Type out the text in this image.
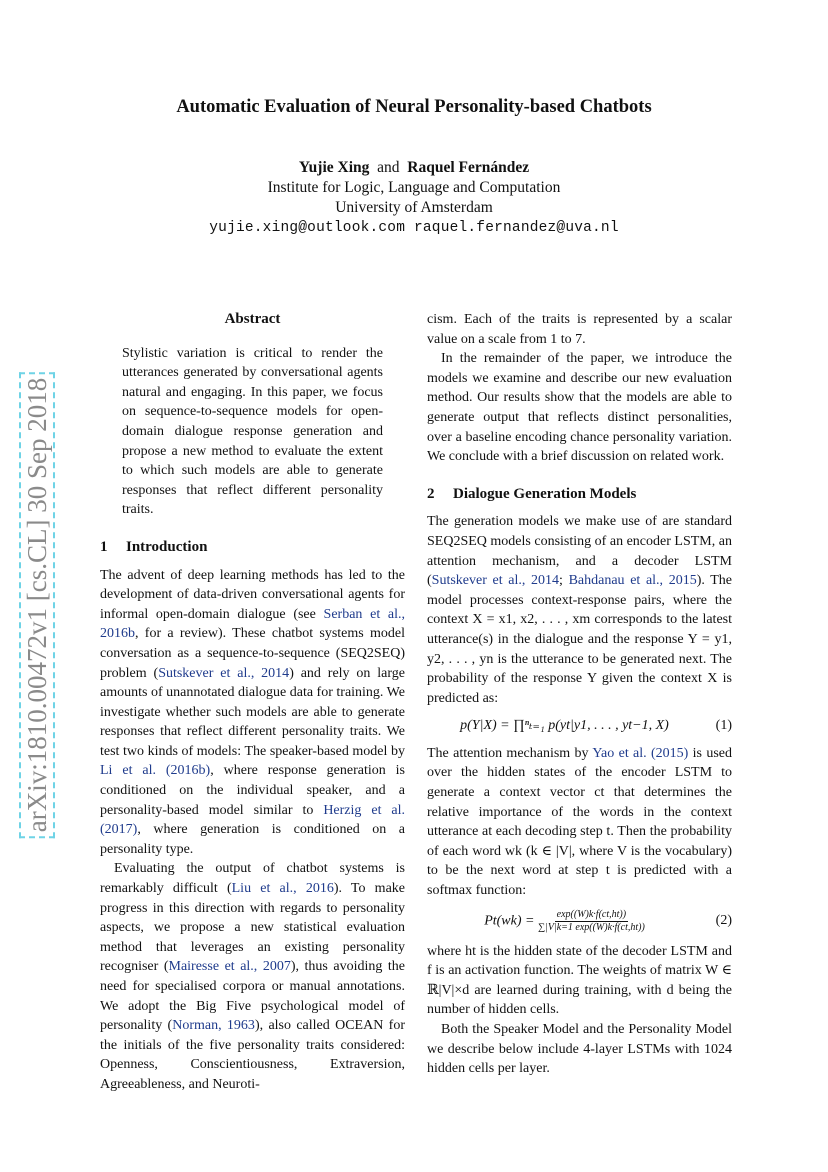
Automatic Evaluation of Neural Personality-based Chatbots
Yujie Xing and Raquel Fernández
Institute for Logic, Language and Computation
University of Amsterdam
yujie.xing@outlook.com raquel.fernandez@uva.nl
arXiv:1810.00472v1 [cs.CL] 30 Sep 2018
Abstract

Stylistic variation is critical to render the utterances generated by conversational agents natural and engaging. In this paper, we focus on sequence-to-sequence models for open-domain dialogue response generation and propose a new method to evaluate the extent to which such models are able to generate responses that reflect different personality traits.

1 Introduction

The advent of deep learning methods has led to the development of data-driven conversational agents for informal open-domain dialogue (see Serban et al., 2016b, for a review). These chatbot systems model conversation as a sequence-to-sequence (SEQ2SEQ) problem (Sutskever et al., 2014) and rely on large amounts of unannotated dialogue data for training. We investigate whether such models are able to generate responses that reflect different personality traits. We test two kinds of models: The speaker-based model by Li et al. (2016b), where response generation is conditioned on the individual speaker, and a personality-based model similar to Herzig et al. (2017), where generation is conditioned on a personality type.

Evaluating the output of chatbot systems is remarkably difficult (Liu et al., 2016). To make progress in this direction with regards to personality aspects, we propose a new statistical evaluation method that leverages an existing personality recogniser (Mairesse et al., 2007), thus avoiding the need for specialised corpora or manual annotations. We adopt the Big Five psychological model of personality (Norman, 1963), also called OCEAN for the initials of the five personality traits considered: Openness, Conscientiousness, Extraversion, Agreeableness, and Neuroti-

cism. Each of the traits is represented by a scalar value on a scale from 1 to 7.

In the remainder of the paper, we introduce the models we examine and describe our new evaluation method. Our results show that the models are able to generate output that reflects distinct personalities, over a baseline encoding chance personality variation. We conclude with a brief discussion on related work.

2 Dialogue Generation Models

The generation models we make use of are standard SEQ2SEQ models consisting of an encoder LSTM, an attention mechanism, and a decoder LSTM (Sutskever et al., 2014; Bahdanau et al., 2015). The model processes context-response pairs, where the context X = x1, x2, . . . , xm corresponds to the latest utterance(s) in the dialogue and the response Y = y1, y2, . . . , yn is the utterance to be generated next. The probability of the response Y given the context X is predicted as:

p(Y|X) = ∏ⁿₜ₌₁ p(yt|y1, . . . , yt−1, X)	(1)

The attention mechanism by Yao et al. (2015) is used over the hidden states of the encoder LSTM to generate a context vector ct that determines the relative importance of the words in the context utterance at each decoding step t. Then the probability of each word wk (k ∈ |V|, where V is the vocabulary) to be the next word at step t is predicted with a softmax function:

$Pt(wk) = \frac{\exp((W)k\cdot f(ct,ht))}{\sum|V|k=1 \exp((W)k\cdot f(ct,ht))}$	(2)

where ht is the hidden state of the decoder LSTM and f is an activation function. The weights of matrix W ∈ ℝ|V|×d are learned during training, with d being the number of hidden cells.

Both the Speaker Model and the Personality Model we describe below include 4-layer LSTMs with 1024 hidden cells per layer.
